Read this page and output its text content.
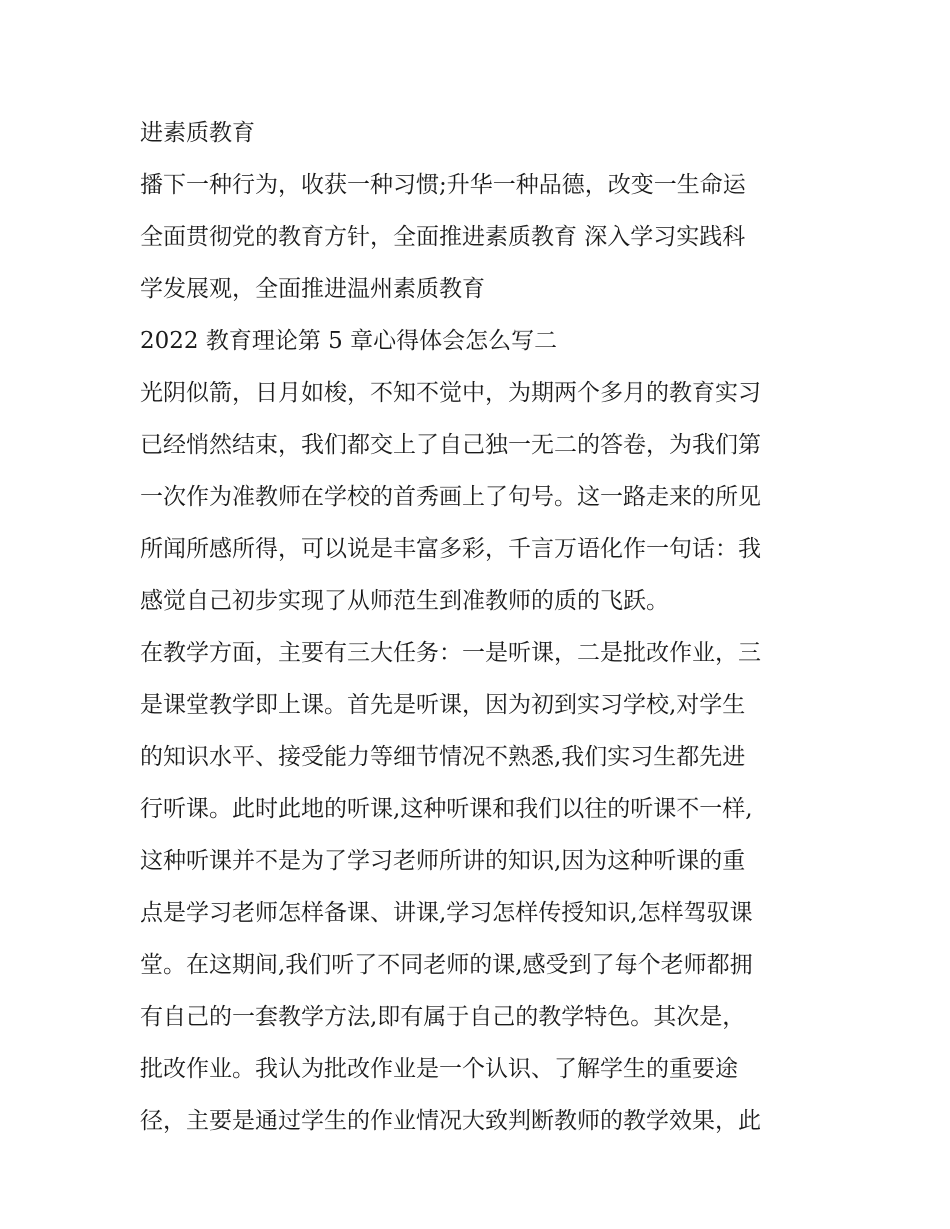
进素质教育
播下一种行为，收获一种习惯;升华一种品德，改变一生命运
全面贯彻党的教育方针，全面推进素质教育 深入学习实践科
学发展观，全面推进温州素质教育
2022 教育理论第 5 章心得体会怎么写二
光阴似箭，日月如梭，不知不觉中，为期两个多月的教育实习
已经悄然结束，我们都交上了自己独一无二的答卷，为我们第
一次作为准教师在学校的首秀画上了句号。这一路走来的所见
所闻所感所得，可以说是丰富多彩，千言万语化作一句话：我
感觉自己初步实现了从师范生到准教师的质的飞跃。
在教学方面，主要有三大任务：一是听课，二是批改作业，三
是课堂教学即上课。首先是听课，因为初到实习学校,对学生
的知识水平、接受能力等细节情况不熟悉,我们实习生都先进
行听课。此时此地的听课,这种听课和我们以往的听课不一样,
这种听课并不是为了学习老师所讲的知识,因为这种听课的重
点是学习老师怎样备课、讲课,学习怎样传授知识,怎样驾驭课
堂。在这期间,我们听了不同老师的课,感受到了每个老师都拥
有自己的一套教学方法,即有属于自己的教学特色。其次是，
批改作业。我认为批改作业是一个认识、了解学生的重要途
径，主要是通过学生的作业情况大致判断教师的教学效果，此
